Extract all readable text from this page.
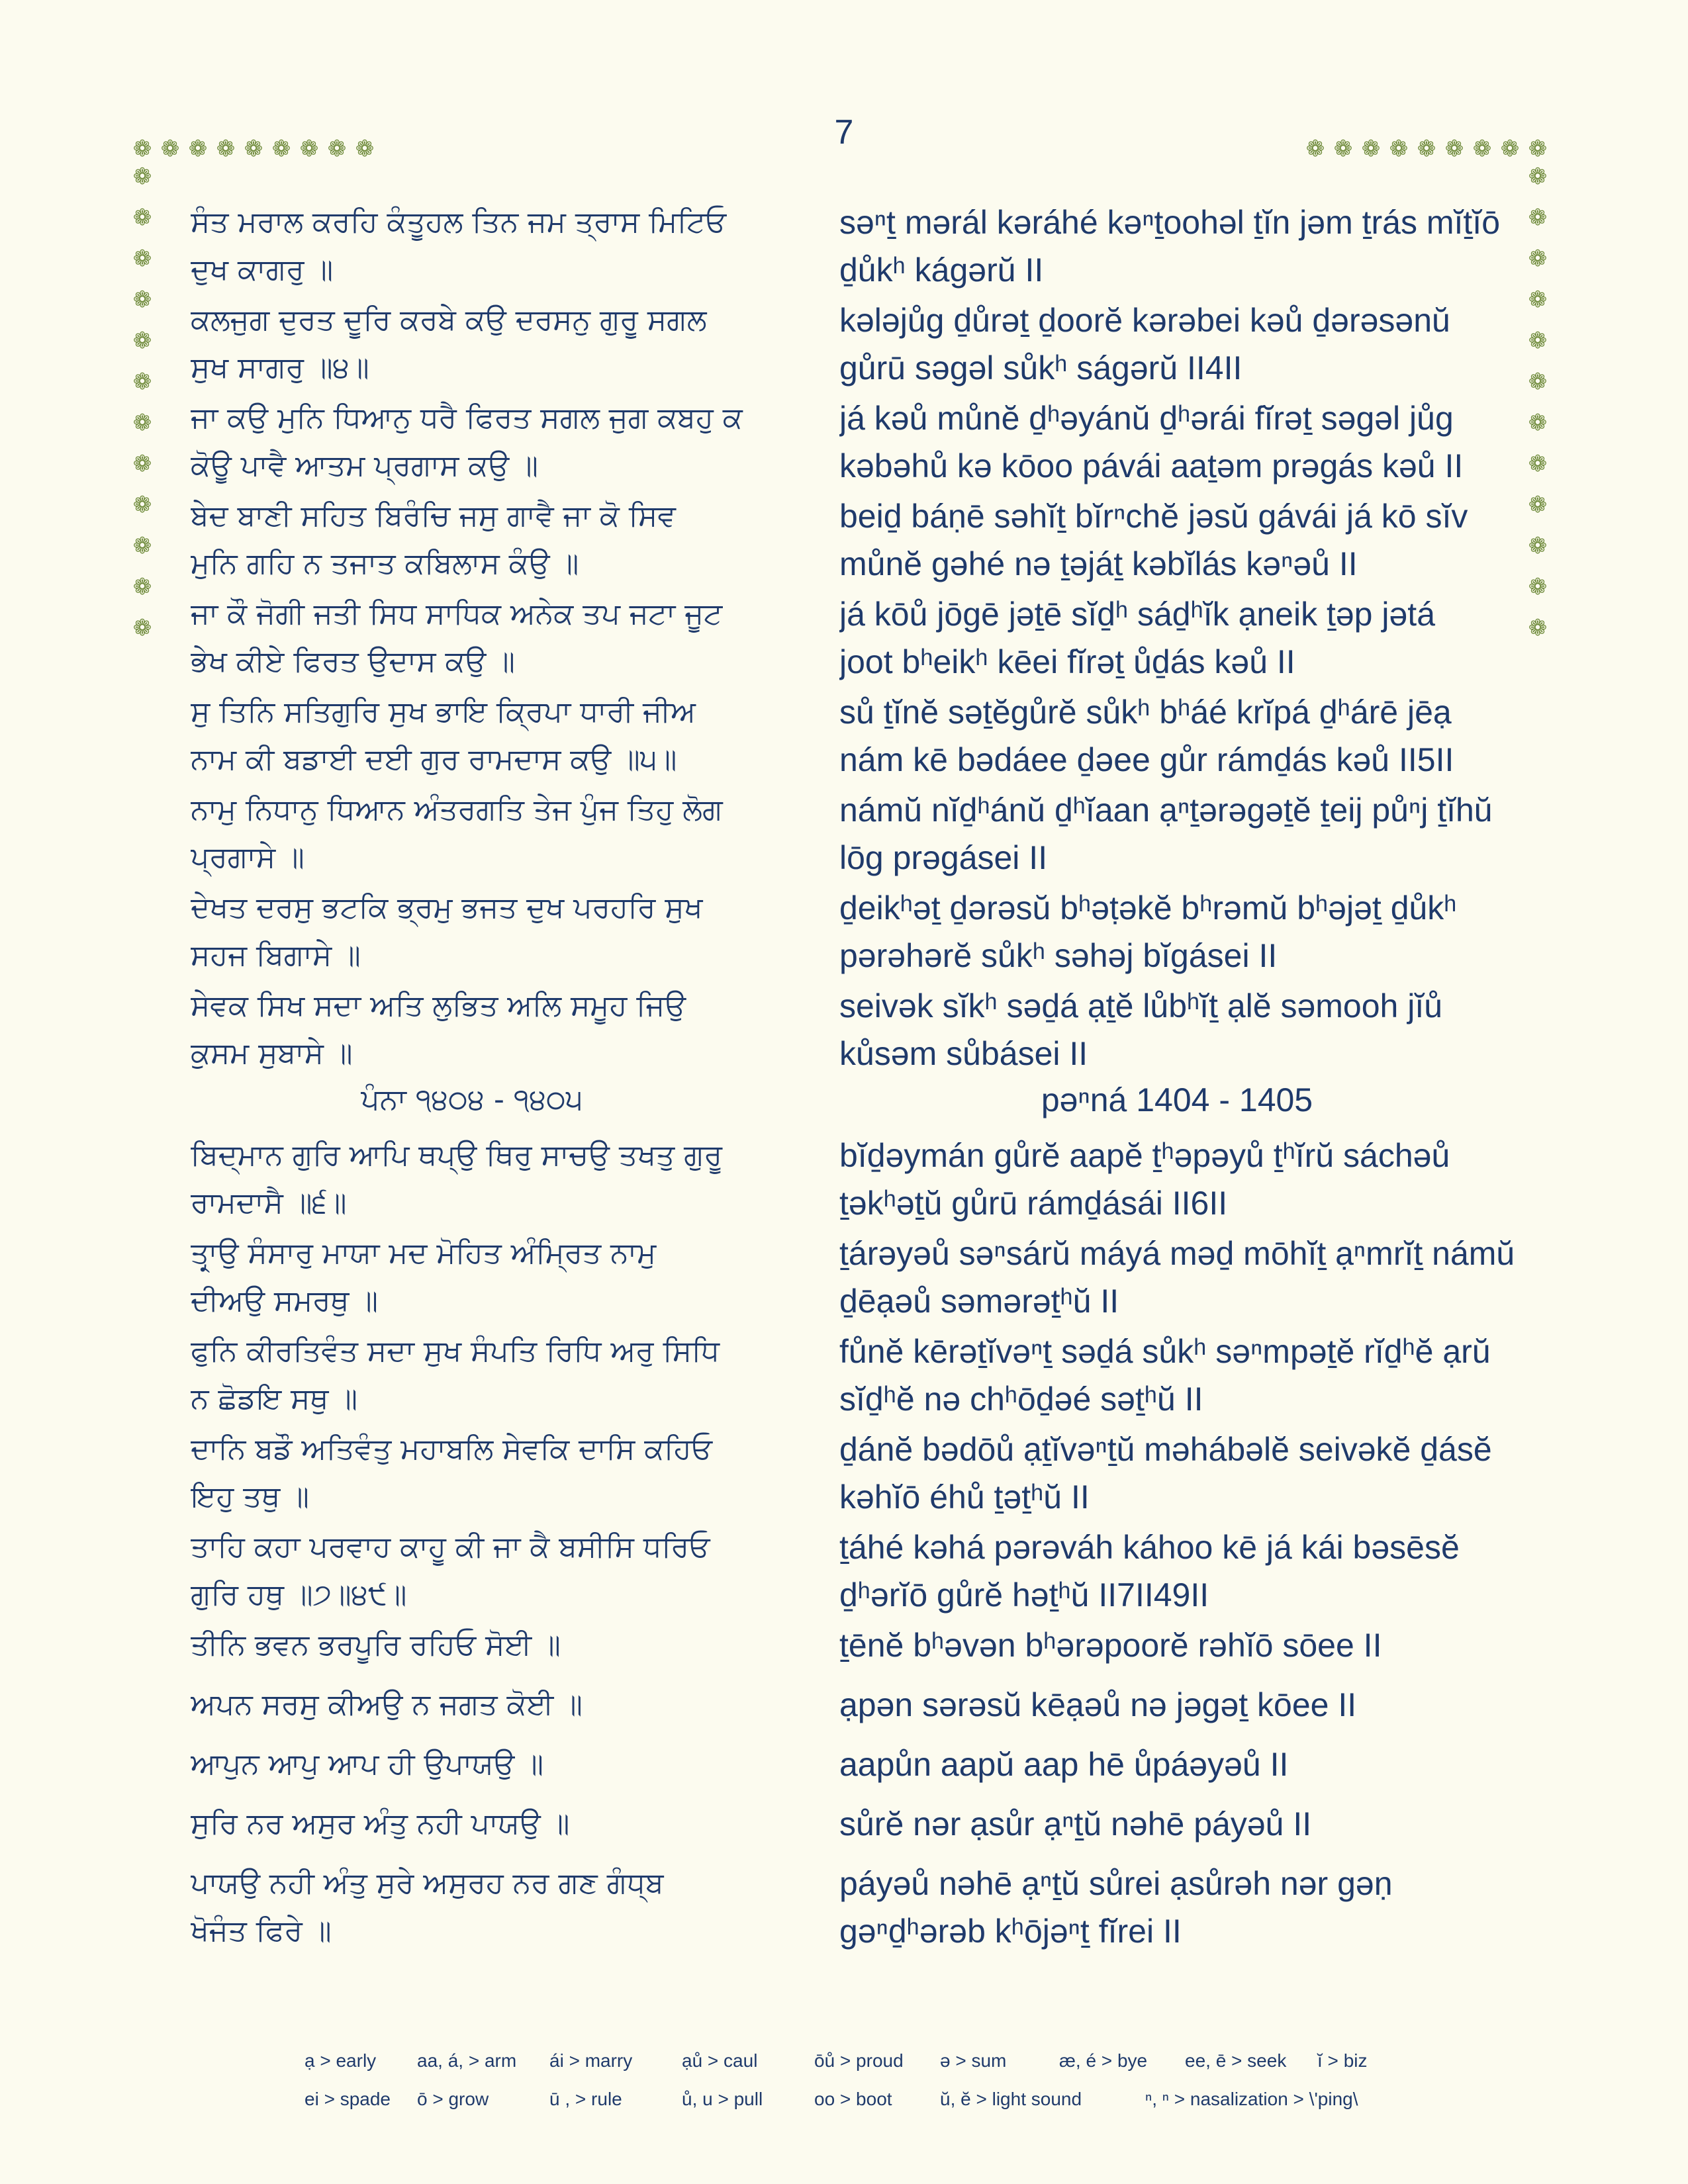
7
❁ ❁ ❁ ❁ ❁ ❁ ❁ ❁ ❁	❁ ❁ ❁ ❁ ❁ ❁ ❁ ❁ ❁
❁
❁
❁
❁
❁
❁
❁
❁
❁
❁
❁
❁
❁
❁
❁
❁
❁
❁
❁
❁
❁
❁
❁
❁
ਸੰਤ ਮਰਾਲ ਕਰਹਿ ਕੰਤੂਹਲ ਤਿਨ ਜਮ ਤ੍ਰਾਸ ਮਿਟਿਓ
ਦੁਖ ਕਾਗਰੁ ॥
səⁿṯ mərál kəráhé kəⁿṯoohəl ṯĭn jəm ṯrás mĭṯĭō
ḏůkʰ kágərŭ II
ਕਲਜੁਗ ਦੁਰਤ ਦੂਰਿ ਕਰਬੇ ਕਉ ਦਰਸਨੁ ਗੁਰੂ ਸਗਲ
ਸੁਖ ਸਾਗਰੁ ॥੪॥
kələjůg ḏůrəṯ ḏoorĕ kərəbei kəů ḏərəsənŭ
gůrū səgəl sůkʰ ságərŭ II4II
ਜਾ ਕਉ ਮੁਨਿ ਧਿਆਨੁ ਧਰੈ ਫਿਰਤ ਸਗਲ ਜੁਗ ਕਬਹੁ ਕ
ਕੋਊ ਪਾਵੈ ਆਤਮ ਪ੍ਰਗਾਸ ਕਉ ॥
já kəů můnĕ ḏʰəyánŭ ḏʰərái fĭrəṯ səgəl jůg
kəbəhů kə kōoo pávái aaṯəm prəgás kəů II
ਬੇਦ ਬਾਣੀ ਸਹਿਤ ਬਿਰੰਚਿ ਜਸੁ ਗਾਵੈ ਜਾ ਕੋ ਸਿਵ
ਮੁਨਿ ਗਹਿ ਨ ਤਜਾਤ ਕਬਿਲਾਸ ਕੰਉ ॥
beiḏ báṇē səhĭṯ bĭrⁿchĕ jəsŭ gávái já kō sĭv
můnĕ gəhé nə ṯəjáṯ kəbĭlás kəⁿəů II
ਜਾ ਕੌ ਜੋਗੀ ਜਤੀ ਸਿਧ ਸਾਧਿਕ ਅਨੇਕ ਤਪ ਜਟਾ ਜੂਟ
ਭੇਖ ਕੀਏ ਫਿਰਤ ਉਦਾਸ ਕਉ ॥
já kōů jōgē jəṯē sĭḏʰ sáḏʰĭk ạneik ṯəp jətá
joot bʰeikʰ kēei fĭrəṯ ůḏás kəů II
ਸੁ ਤਿਨਿ ਸਤਿਗੁਰਿ ਸੁਖ ਭਾਇ ਕ੍ਰਿਪਾ ਧਾਰੀ ਜੀਅ
ਨਾਮ ਕੀ ਬਡਾਈ ਦਈ ਗੁਰ ਰਾਮਦਾਸ ਕਉ ॥੫॥
sů ṯĭnĕ səṯĕgůrĕ sůkʰ bʰáé krĭpá ḏʰárē jēạ
nám kē bədáee ḏəee gůr rámḏás kəů II5II
ਨਾਮੁ ਨਿਧਾਨੁ ਧਿਆਨ ਅੰਤਰਗਤਿ ਤੇਜ ਪੁੰਜ ਤਿਹੁ ਲੋਗ
ਪ੍ਰਗਾਸੇ ॥
námŭ nĭḏʰánŭ ḏʰĭaan ạⁿṯərəgəṯĕ ṯeij půⁿj ṯĭhŭ
lōg prəgásei II
ਦੇਖਤ ਦਰਸੁ ਭਟਕਿ ਭ੍ਰਮੁ ਭਜਤ ਦੁਖ ਪਰਹਰਿ ਸੁਖ
ਸਹਜ ਬਿਗਾਸੇ ॥
ḏeikʰəṯ ḏərəsŭ bʰəṭəkĕ bʰrəmŭ bʰəjəṯ ḏůkʰ
pərəhərĕ sůkʰ səhəj bĭgásei II
ਸੇਵਕ ਸਿਖ ਸਦਾ ਅਤਿ ਲੁਭਿਤ ਅਲਿ ਸਮੂਹ ਜਿਉ
ਕੁਸਮ ਸੁਬਾਸੇ ॥
seivək sĭkʰ səḏá ạṯĕ lůbʰĭṯ ạlĕ səmooh jĭů
kůsəm sůbásei II
ਪੰਨਾ ੧੪੦੪ - ੧੪੦੫	pəⁿná 1404 - 1405
ਬਿਦ੍ਮਾਨ ਗੁਰਿ ਆਪਿ ਥਪ੍ਉ ਥਿਰੁ ਸਾਚਉ ਤਖਤੁ ਗੁਰੂ
ਰਾਮਦਾਸੈ ॥੬॥
bĭḏəymán gůrĕ aapĕ ṯʰəpəyů ṯʰĭrŭ sáchəů
ṯəkʰəṯŭ gůrū rámḏásái II6II
ਤਾਰ੍ਉ ਸੰਸਾਰੁ ਮਾਯਾ ਮਦ ਮੋਹਿਤ ਅੰਮ੍ਰਿਤ ਨਾਮੁ
ਦੀਅਉ ਸਮਰਥੁ ॥
ṯárəyəů səⁿsárŭ máyá məḏ mōhĭṯ ạⁿmrĭṯ námŭ
ḏēạəů səmərəṯʰŭ II
ਫੁਨਿ ਕੀਰਤਿਵੰਤ ਸਦਾ ਸੁਖ ਸੰਪਤਿ ਰਿਧਿ ਅਰੁ ਸਿਧਿ
ਨ ਛੋਡਇ ਸਥੁ ॥
fůnĕ kērəṯĭvəⁿṯ səḏá sůkʰ səⁿmpəṯĕ rĭḏʰĕ ạrŭ
sĭḏʰĕ nə chʰōḏəé səṯʰŭ II
ਦਾਨਿ ਬਡੌ ਅਤਿਵੰਤੁ ਮਹਾਬਲਿ ਸੇਵਕਿ ਦਾਸਿ ਕਹਿਓ
ਇਹੁ ਤਥੁ ॥
ḏánĕ bədōů ạṯĭvəⁿṯŭ məhábəlĕ seivəkĕ ḏásĕ
kəhĭō éhů ṯəṯʰŭ II
ਤਾਹਿ ਕਹਾ ਪਰਵਾਹ ਕਾਹੂ ਕੀ ਜਾ ਕੈ ਬਸੀਸਿ ਧਰਿਓ
ਗੁਰਿ ਹਥੁ ॥੭॥੪੯॥
ṯáhé kəhá pərəváh káhoo kē já kái bəsēsĕ
ḏʰərĭō gůrĕ həṯʰŭ II7II49II
ਤੀਨਿ ਭਵਨ ਭਰਪੂਰਿ ਰਹਿਓ ਸੋਈ ॥	ṯēnĕ bʰəvən bʰərəpoorĕ rəhĭō sōee II
ਅਪਨ ਸਰਸੁ ਕੀਅਉ ਨ ਜਗਤ ਕੋਈ ॥	ạpən sərəsŭ kēạəů nə jəgəṯ kōee II
ਆਪੁਨ ਆਪੁ ਆਪ ਹੀ ਉਪਾਯਉ ॥	aapůn aapŭ aap hē ůpáəyəů II
ਸੁਰਿ ਨਰ ਅਸੁਰ ਅੰਤੁ ਨਹੀ ਪਾਯਉ ॥	sůrĕ nər ạsůr ạⁿṯŭ nəhē páyəů II
ਪਾਯਉ ਨਹੀ ਅੰਤੁ ਸੁਰੇ ਅਸੁਰਹ ਨਰ ਗਣ ਗੰਧ੍ਬ
ਖੋਜੰਤ ਫਿਰੇ ॥
páyəů nəhē ạⁿṯŭ sůrei ạsůrəh nər gəṇ
gəⁿḏʰərəb kʰōjəⁿṯ fĭrei II
ạ > early	aa, á, > arm	ái > marry	ạů > caul	ōů > proud	ə > sum	æ, é > bye	ee, ē > seek	ĭ > biz
ei > spade	ō > grow	ū , > rule	ů, u > pull	oo > boot	ŭ, ĕ > light sound	ⁿ, ⁿ > nasalization > \'ping\
